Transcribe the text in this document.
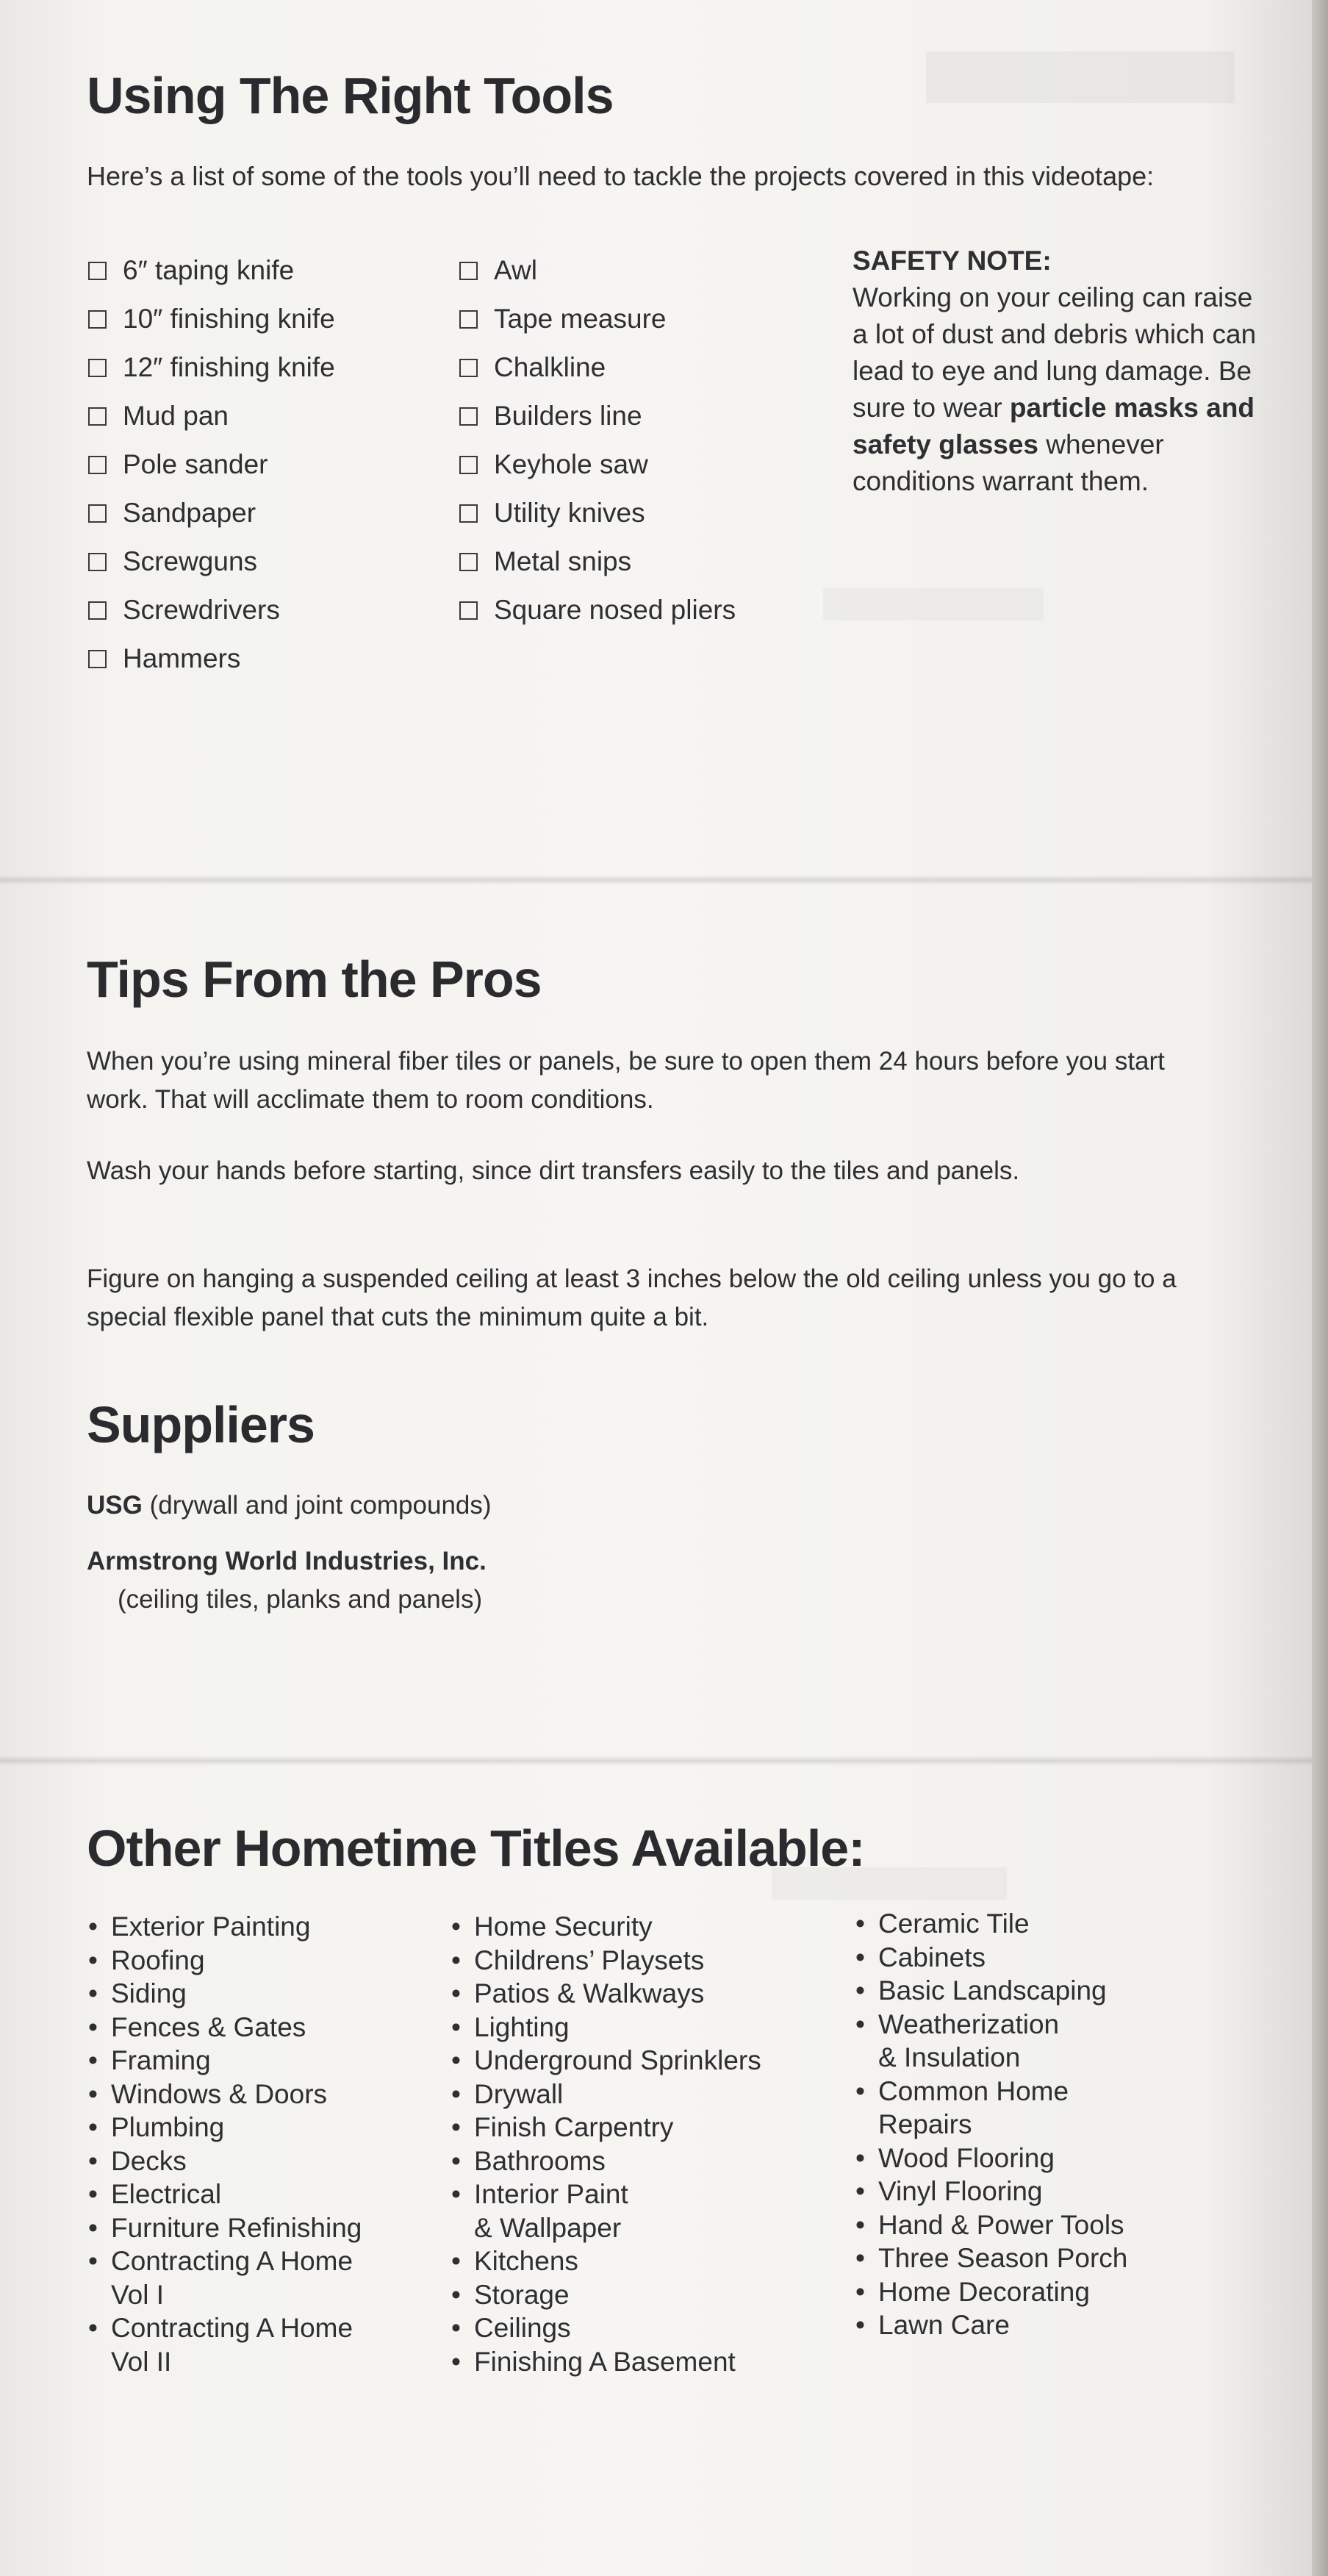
Using The Right Tools

Here’s a list of some of the tools you’ll need to tackle the projects covered in this videotape:

6″ taping knife
10″ finishing knife
12″ finishing knife
Mud pan
Pole sander
Sandpaper
Screwguns
Screwdrivers
Hammers
Awl
Tape measure
Chalkline
Builders line
Keyhole saw
Utility knives
Metal snips
Square nosed pliers
SAFETY NOTE:
Working on your ceiling can raise a lot of dust and debris which can lead to eye and lung damage. Be sure to wear particle masks and safety glasses whenever conditions warrant them.
Tips From the Pros

When you’re using mineral fiber tiles or panels, be sure to open them 24 hours before you start work. That will acclimate them to room conditions.

Wash your hands before starting, since dirt transfers easily to the tiles and panels.

Figure on hanging a suspended ceiling at least 3 inches below the old ceiling unless you go to a special flexible panel that cuts the minimum quite a bit.

Suppliers
USG (drywall and joint compounds)
Armstrong World Industries, Inc.
(ceiling tiles, planks and panels)
Other Hometime Titles Available:
• Exterior Painting
• Roofing
• Siding
• Fences & Gates
• Framing
• Windows & Doors
• Plumbing
• Decks
• Electrical
• Furniture Refinishing
• Contracting A Home
Vol I
• Contracting A Home
Vol II
• Home Security
• Childrens’ Playsets
• Patios & Walkways
• Lighting
• Underground Sprinklers
• Drywall
• Finish Carpentry
• Bathrooms
• Interior Paint
& Wallpaper
• Kitchens
• Storage
• Ceilings
• Finishing A Basement
• Ceramic Tile
• Cabinets
• Basic Landscaping
• Weatherization
& Insulation
• Common Home
Repairs
• Wood Flooring
• Vinyl Flooring
• Hand & Power Tools
• Three Season Porch
• Home Decorating
• Lawn Care
